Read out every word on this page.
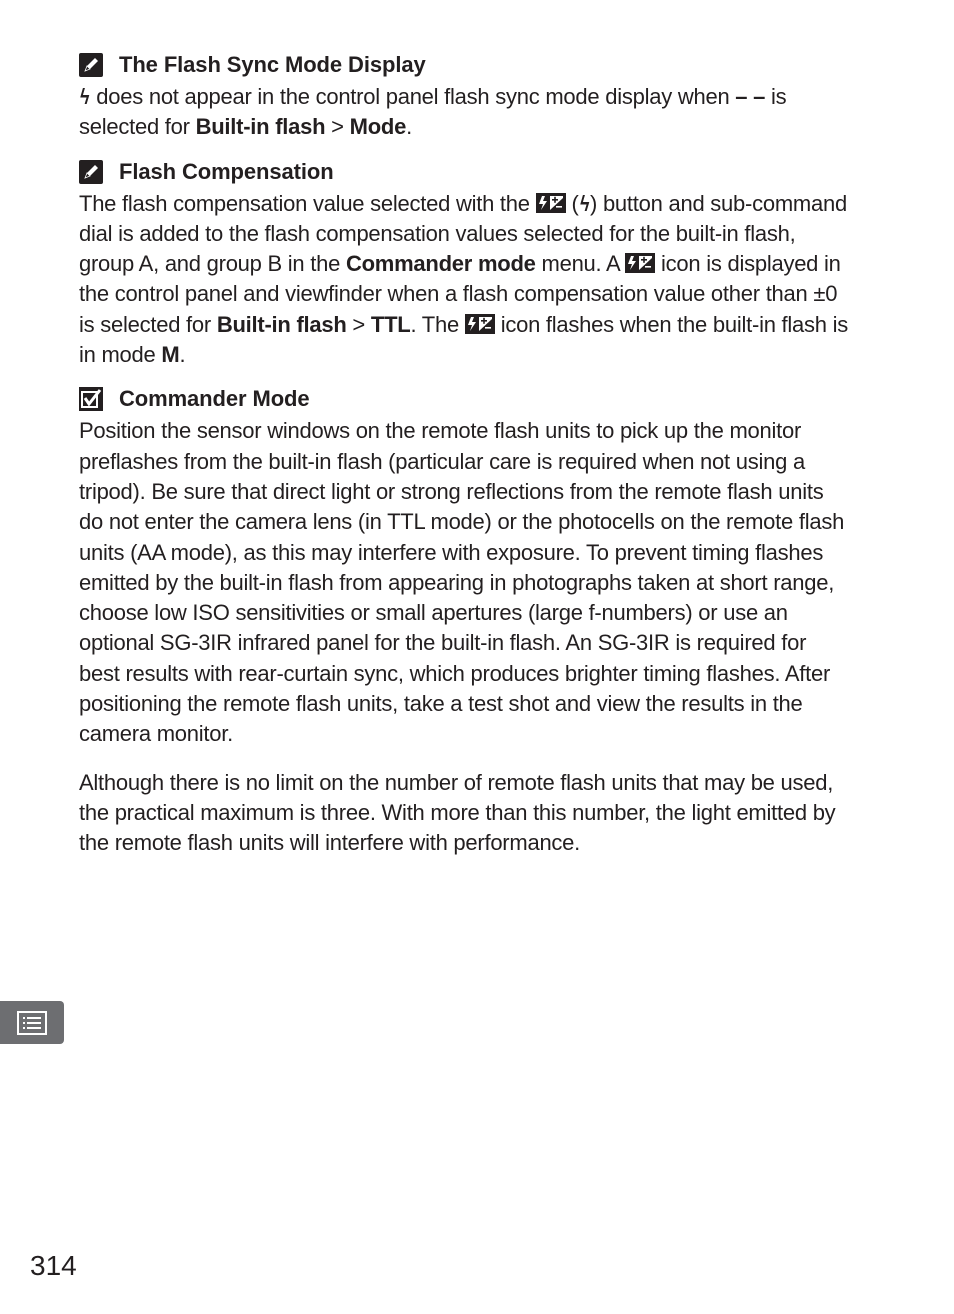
The Flash Sync Mode Display

ϟ does not appear in the control panel flash sync mode display when – – is selected for Built-in flash > Mode.

Flash Compensation

The flash compensation value selected with the  (ϟ) button and sub-command dial is added to the flash compensation values selected for the built-in flash, group A, and group B in the Commander mode menu. A  icon is displayed in the control panel and viewfinder when a flash compensation value other than ±0 is selected for Built-in flash > TTL. The  icon flashes when the built-in flash is in mode M.

Commander Mode

Position the sensor windows on the remote flash units to pick up the monitor preflashes from the built-in flash (particular care is required when not using a tripod). Be sure that direct light or strong reflections from the remote flash units do not enter the camera lens (in TTL mode) or the photocells on the remote flash units (AA mode), as this may interfere with exposure. To prevent timing flashes emitted by the built-in flash from appearing in photographs taken at short range, choose low ISO sensitivities or small apertures (large f-numbers) or use an optional SG-3IR infrared panel for the built-in flash. An SG-3IR is required for best results with rear-curtain sync, which produces brighter timing flashes. After positioning the remote flash units, take a test shot and view the results in the camera monitor.

Although there is no limit on the number of remote flash units that may be used, the practical maximum is three. With more than this number, the light emitted by the remote flash units will interfere with performance.

314
